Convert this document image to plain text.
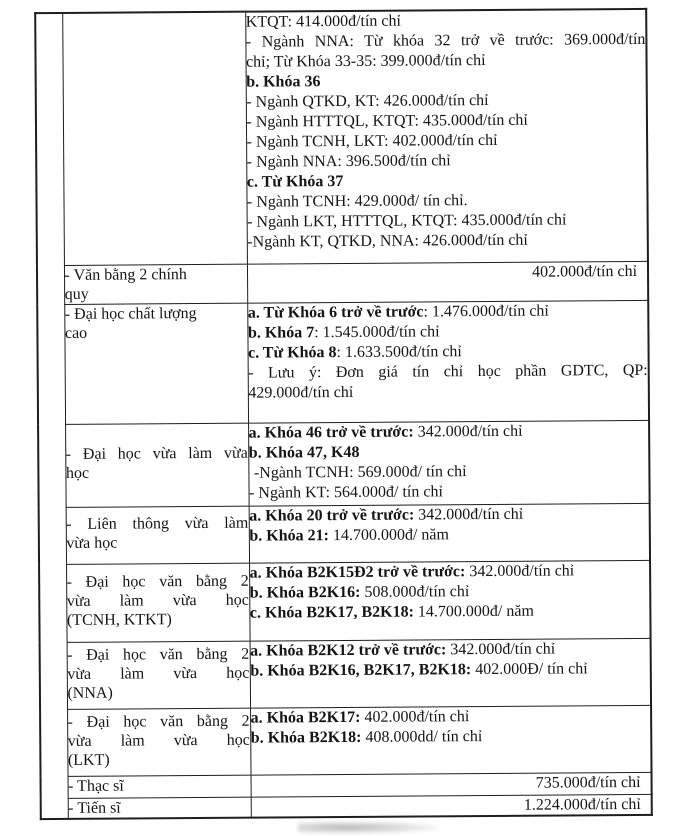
KTQT: 414.000đ/tín chỉ
- Ngành NNA: Từ khóa 32 trở về trước: 369.000đ/tín
chỉ; Từ Khóa 33-35: 399.000đ/tín chỉ
b. Khóa 36
- Ngành QTKD, KT: 426.000đ/tín chỉ
- Ngành HTTTQL, KTQT: 435.000đ/tín chỉ
- Ngành TCNH, LKT: 402.000đ/tín chỉ
- Ngành NNA: 396.500đ/tín chỉ
c. Từ Khóa 37
- Ngành TCNH: 429.000đ/ tín chỉ.
- Ngành LKT, HTTTQL, KTQT: 435.000đ/tín chỉ
-Ngành KT, QTKD, NNA: 426.000đ/tín chỉ

	- Văn bằng 2 chính
quy	402.000đ/tín chỉ

- Đại học chất lượng
cao

a. Từ Khóa 6 trở về trước: 1.476.000đ/tín chỉ
b. Khóa 7: 1.545.000đ/tín chỉ
c. Từ Khóa 8: 1.633.500đ/tín chỉ
- Lưu ý: Đơn giá tín chỉ học phần GDTC, QP:
429.000đ/tín chỉ

- Đại học vừa làm vừa
học

a. Khóa 46 trở về trước: 342.000đ/tín chỉ
b. Khóa 47, K48
-Ngành TCNH: 569.000đ/ tín chỉ
- Ngành KT: 564.000đ/ tín chỉ

- Liên thông vừa làm
vừa học

a. Khóa 20 trở về trước: 342.000đ/tín chỉ
b. Khóa 21: 14.700.000đ/ năm

- Đại học văn bằng 2
vừa làm vừa học
(TCNH, KTKT)

a. Khóa B2K15Đ2 trở về trước: 342.000đ/tín chỉ
b. Khóa B2K16: 508.000đ/tín chỉ
c. Khóa B2K17, B2K18: 14.700.000đ/ năm

- Đại học văn bằng 2
vừa làm vừa học
(NNA)

a. Khóa B2K12 trở về trước: 342.000đ/tín chỉ
b. Khóa B2K16, B2K17, B2K18: 402.000Đ/ tín chỉ

- Đại học văn bằng 2
vừa làm vừa học
(LKT)

a. Khóa B2K17: 402.000đ/tín chỉ
b. Khóa B2K18: 408.000dd/ tín chỉ

	- Thạc sĩ	735.000đ/tín chỉ

	- Tiến sĩ	1.224.000đ/tín chỉ
